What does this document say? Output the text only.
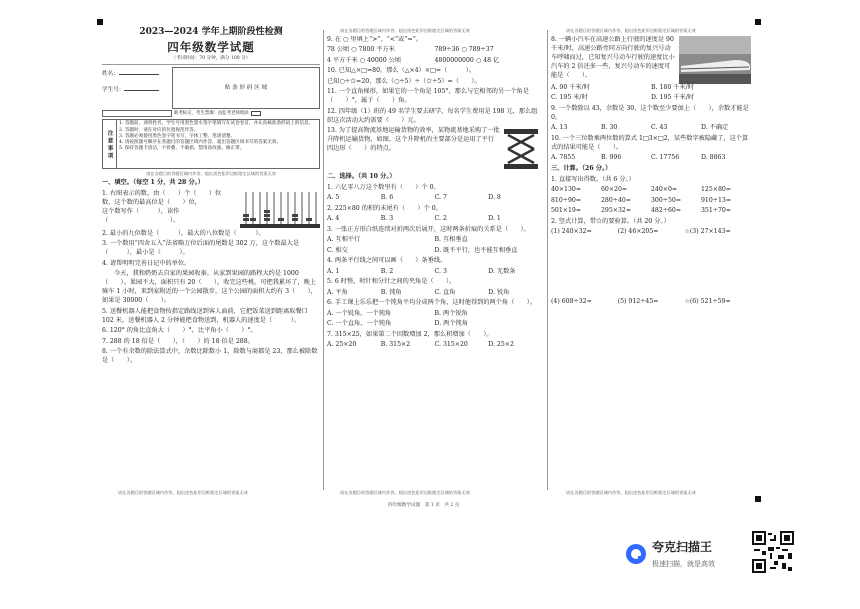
请在各题目的答题区域内作答，超出黑色矩形边框限定区域的答案无效	请在各题目的答题区域内作答，超出黑色矩形边框限定区域的答案无效
2023—2024 学年上期阶段性检测
四年级数学试题
（考试时间：70 分钟，满分 100 分）
姓名：
学生号：	贴 条 形 码 区 域
缺考标记，考生禁填！由监考老师填涂
注 意 事 项
1. 答题前，请将姓名、学生号用黑色墨水签字笔填写在试卷卷首，并认真核准条形码上的信息。
2. 答题时，请在对应的位置规范作答。
3. 答题必须使用黑色签字笔书写，字体工整、笔迹清楚。
4. 请按照题号顺序在各题目的答题区域内作答，超出答题区域书写的答案无效。
5. 保持答题卡清洁，不折叠、不破损、禁用涂改液、修正带。
请在各题目的答题区域内作答，超出黑色矩形边框限定区域的答案无效
一、填空。（每空 1 分，共 28 分。）
1. 右图表示的数，由（　　）个（　　）位
数，这个数的最高位是（　　）位，
这个数写作（　　　），读作
（　　　　　　　　　　）。
2. 最小的九位数是（　　　），最大的八位数是（　　　）。
3. 一个数用“四舍五入”法省略万位后面的尾数是 302 万，这个数最大是（　　　），最小是（　　　）。
4. 请帮明明完善日记中的单位。
今天，我和奶奶去自家的果园收秦。从家到果园的路程大约是 1000（　　）。果园不大，面积只有 20（　　）。收完这些桃，可把我累坏了，晚上骑车 1 小时，来到家附近的一个公园散步，这个公园的面积大约有 3（　　），如果是 30000（　　）。
5. 送餐机器人能把食物按指定路线送到客人面前，它把饭菜送到距离取餐口 102 米，送餐机器人 2 分钟能把食物送到，机器人的速度是（　　　）。
6. 120° 的角比直角大（　　）°，比平角小（　　）°。
7. 288 的 18 倍是（　　），（　　）的 18 倍是 288。
8. 一个有余数的除法算式中，余数比除数小 1，除数与商都是 23，那么被除数是（　　）。
9. 在 ○ 里填上“>”、“<”或“=”。
78 公顷 ○ 7800 平方米	789÷36 ○ 789÷37
4 平方千米 ○ 40000 公顷	4800000000 ○ 48 亿
10. 已知△×□=80，那么（△×4）×□=（　　　）。
已知○÷☆=20，那么（○÷5）÷（☆÷5）=（　　）。
11. 一个直角梯形，如果它的一个角是 105°，那么与它相邻的另一个角是（　　）°，属于（　　）角。
12. 四年级（1）班的 49 名学生要去研学，每名学生费用是 198 元，那么组织这次活动大约需要（　　）元。
13. 为了提高物流基地运输货物的效率，某物流基地采购了一批升降机运输货物，如图，这个升降机的主要部分是运用了平行四边形（　　）的特点。
二、选择。（共 10 分。）
1. 六亿零八万这个数里有（　　）个 0。
A. 5	B. 6	C. 7	D. 8
2. 225×80 的积的末尾有（　　）个 0。
A. 4	B. 3	C. 2	D. 1
3. 一张正方形白纸连续对折两次后展开，这时两条折痕的关系是（　　）。
A. 互相平行	B. 互相垂直
C. 相交	D. 既不平行，也不能互相垂直
4. 两条平行线之间可以画（　　）条垂线。
A. 1	B. 2	C. 3	D. 无数条
5. 6 时整，时针和分针之间的夹角是（　　）。
A. 平角	B. 钝角	C. 直角	D. 锐角
6. 手工课上乐乐把一个钝角平均分成两个角，这时他得到的两个角（　　）。
A. 一个锐角，一个钝角	B. 两个锐角
C. 一个直角，一个钝角	D. 两个钝角
7. 315×25，如果第二个因数增加 2，那么积增加（　　）。
A. 25×20	B. 315×2	C. 315×20	D. 25×2
8. 一辆小汽车在高速公路上行驶的速度是 90 千米/时，高速公路旁同方向行驶的复兴号动车呼啸而过，已知复兴号动车行驶的速度比小汽车的 2 倍还多一些，复兴号动车的速度可能是（　　）。
A. 90 千米/时	B. 180 千米/时
C. 195 米/时	D. 195 千米/时
9. 一个数除以 43，余数是 30，这个数至少要加上（　　），余数才能是 0。
A. 13	B. 30	C. 43	D. 不确定
10. 一个三位数乘两位数的算式 1□3×□2，某些数字被隐藏了，这个算式的结果可能是（　　）。
A. 7855	B. 996	C. 17756	D. 8863
三、计算。（26 分。）
1. 直接写出得数。（共 6 分。）
40×130=	60×20=	240×0=	125×80=
810÷90=	280÷40=	300÷50=	910÷13=
501×19≈	295×32≈	482÷60≈	351÷70≈
2. 竖式计算，带☆的要验算。（共 20 分。）
(1) 240×32=	(2) 46×205=	☆(3) 27×143=
(4) 608÷32=	(5) 912÷45=	☆(6) 521÷59=
请在各题目的答题区域内作答，超出黑色矩形边框限定区域的答案无效	请在各题目的答题区域内作答，超出黑色矩形边框限定区域的答案无效	请在各题目的答题区域内作答，超出黑色矩形边框限定区域的答案无效
四年级数学试题　第 1 页　共 2 页
夸克扫描王
极速扫描，就是高效
